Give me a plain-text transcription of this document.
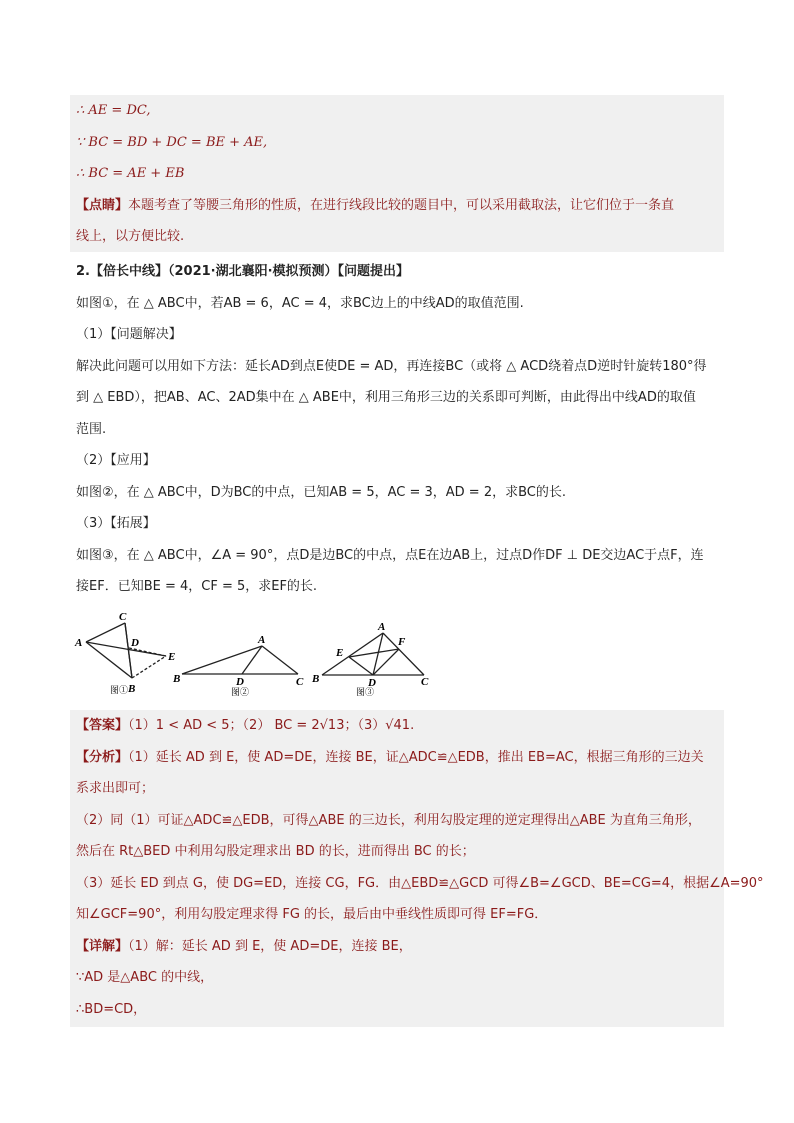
∴ AE = DC,
∵ BC = BD + DC = BE + AE,
∴ BC = AE + EB
【点睛】本题考查了等腰三角形的性质，在进行线段比较的题目中，可以采用截取法，让它们位于一条直
线上，以方便比较.
2.【倍长中线】（2021·湖北襄阳·模拟预测）【问题提出】
如图①，在 △ ABC中，若AB = 6，AC = 4，求BC边上的中线AD的取值范围.
（1）【问题解决】
解决此问题可以用如下方法：延长AD到点E使DE = AD，再连接BC（或将 △ ACD绕着点D逆时针旋转180°得
到 △ EBD），把AB、AC、2AD集中在 △ ABE中，利用三角形三边的关系即可判断，由此得出中线AD的取值
范围.
（2）【应用】
如图②，在 △ ABC中，D为BC的中点，已知AB = 5，AC = 3，AD = 2，求BC的长.
（3）【拓展】
如图③，在 △ ABC中，∠A = 90°，点D是边BC的中点，点E在边AB上，过点D作DF ⊥ DE交边AC于点F，连
接EF．已知BE = 4，CF = 5，求EF的长.
A
C
D
E
B
图①
A
B	D	C
图②
A
F
E
B	D	C
图③
【答案】（1）1 < AD < 5；（2） BC = 2√13；（3）√41.
【分析】（1）延长 AD 到 E，使 AD=DE，连接 BE，证△ADC≌△EDB，推出 EB=AC，根据三角形的三边关
系求出即可；
（2）同（1）可证△ADC≌△EDB，可得△ABE 的三边长，利用勾股定理的逆定理得出△ABE 为直角三角形，
然后在 Rt△BED 中利用勾股定理求出 BD 的长，进而得出 BC 的长；
（3）延长 ED 到点 G，使 DG=ED，连接 CG，FG．由△EBD≌△GCD 可得∠B=∠GCD、BE=CG=4，根据∠A=90°
知∠GCF=90°，利用勾股定理求得 FG 的长，最后由中垂线性质即可得 EF=FG．
【详解】（1）解：延长 AD 到 E，使 AD=DE，连接 BE，
∵AD 是△ABC 的中线，
∴BD=CD，
